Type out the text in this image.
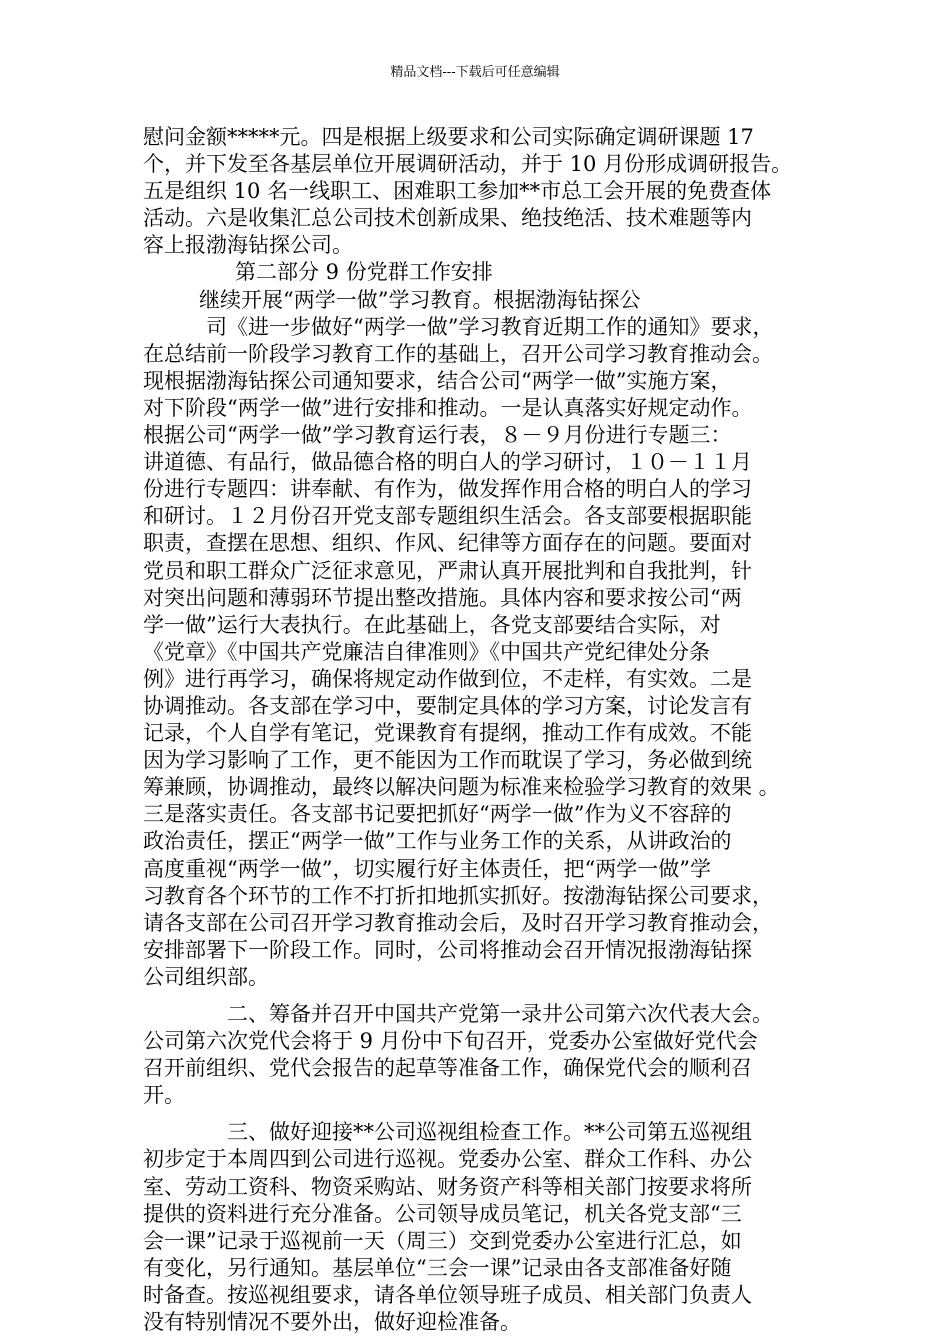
精品文档---下载后可任意编辑
慰问金额*****元。四是根据上级要求和公司实际确定调研课题 17
个，并下发至各基层单位开展调研活动，并于 10 月份形成调研报告。
五是组织 10 名一线职工、困难职工参加**市总工会开展的免费查体
活动。六是收集汇总公司技术创新成果、绝技绝活、技术难题等内
容上报渤海钻探公司。
第二部分 9 份党群工作安排
继续开展“两学一做”学习教育。根据渤海钻探公
　　　司《进一步做好“两学一做”学习教育近期工作的通知》要求，
在总结前一阶段学习教育工作的基础上，召开公司学习教育推动会。
现根据渤海钻探公司通知要求，结合公司“两学一做”实施方案，
对下阶段“两学一做”进行安排和推动。一是认真落实好规定动作。
根据公司“两学一做”学习教育运行表，８－９月份进行专题三：
讲道德、有品行，做品德合格的明白人的学习研讨，１０－１１月
份进行专题四：讲奉献、有作为，做发挥作用合格的明白人的学习
和研讨。１２月份召开党支部专题组织生活会。各支部要根据职能
职责，查摆在思想、组织、作风、纪律等方面存在的问题。要面对
党员和职工群众广泛征求意见，严肃认真开展批判和自我批判，针
对突出问题和薄弱环节提出整改措施。具体内容和要求按公司“两
学一做”运行大表执行。在此基础上，各党支部要结合实际，对
《党章》《中国共产党廉洁自律准则》《中国共产党纪律处分条
例》进行再学习，确保将规定动作做到位，不走样，有实效。二是
协调推动。各支部在学习中，要制定具体的学习方案，讨论发言有
记录，个人自学有笔记，党课教育有提纲，推动工作有成效。不能
因为学习影响了工作，更不能因为工作而耽误了学习，务必做到统
筹兼顾，协调推动，最终以解决问题为标准来检验学习教育的效果 。
三是落实责任。各支部书记要把抓好“两学一做”作为义不容辞的
政治责任，摆正“两学一做”工作与业务工作的关系，从讲政治的
高度重视“两学一做”，切实履行好主体责任，把“两学一做”学
习教育各个环节的工作不打折扣地抓实抓好。按渤海钻探公司要求，
请各支部在公司召开学习教育推动会后，及时召开学习教育推动会，
安排部署下一阶段工作。同时，公司将推动会召开情况报渤海钻探
公司组织部。
　　　　二、筹备并召开中国共产党第一录井公司第六次代表大会。
公司第六次党代会将于 9 月份中下旬召开，党委办公室做好党代会
召开前组织、党代会报告的起草等准备工作，确保党代会的顺利召
开。
　　　　三、做好迎接**公司巡视组检查工作。**公司第五巡视组
初步定于本周四到公司进行巡视。党委办公室、群众工作科、办公
室、劳动工资科、物资采购站、财务资产科等相关部门按要求将所
提供的资料进行充分准备。公司领导成员笔记，机关各党支部“三
会一课”记录于巡视前一天（周三）交到党委办公室进行汇总，如
有变化，另行通知。基层单位“三会一课”记录由各支部准备好随
时备查。按巡视组要求，请各单位领导班子成员、相关部门负责人
没有特别情况不要外出，做好迎检准备。
